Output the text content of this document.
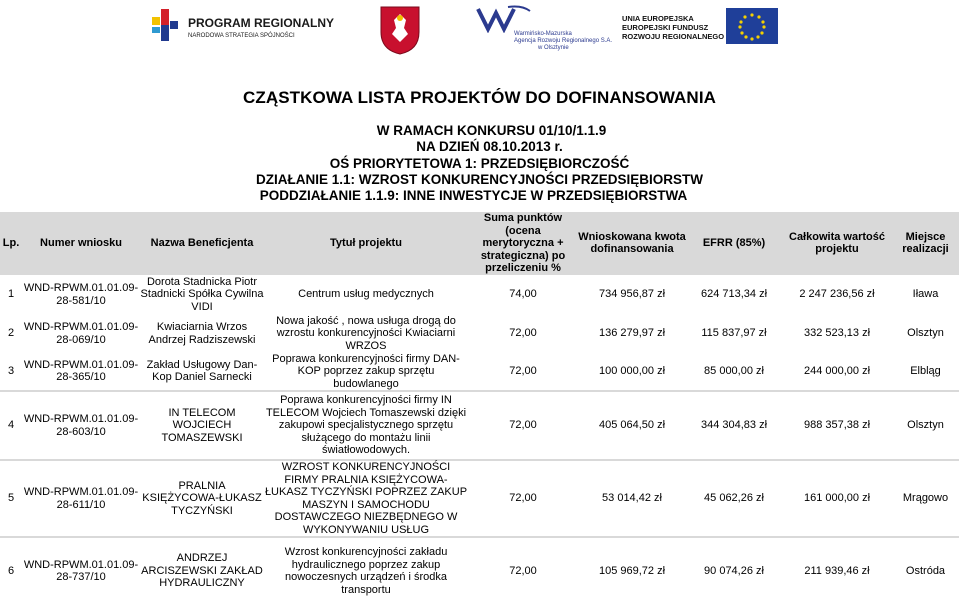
PROGRAM REGIONALNY
NARODOWA STRATEGIA SPÓJNOŚCI	Warmińsko-Mazurska
Agencja Rozwoju Regionalnego S.A.
w Olsztynie
UNIA EUROPEJSKA
EUROPEJSKI FUNDUSZ
ROZWOJU REGIONALNEGO
CZĄSTKOWA LISTA PROJEKTÓW DO DOFINANSOWANIA
W RAMACH KONKURSU 01/10/1.1.9
NA DZIEŃ 08.10.2013 r.
OŚ PRIORYTETOWA 1: PRZEDSIĘBIORCZOŚĆ
DZIAŁANIE 1.1: WZROST KONKURENCYJNOŚCI PRZEDSIĘBIORSTW
PODDZIAŁANIE 1.1.9: INNE INWESTYCJE W PRZEDSIĘBIORSTWA
Lp.	Numer wniosku	Nazwa Beneficjenta	Tytuł projektu	Suma punktów (ocena merytoryczna + strategiczna) po przeliczeniu %	Wnioskowana kwota dofinansowania	EFRR (85%)	Całkowita wartość projektu	Miejsce realizacji
1	WND-RPWM.01.01.09-28-581/10	Dorota Stadnicka Piotr Stadnicki Spółka Cywilna VIDI	Centrum usług medycznych	74,00	734 956,87 zł	624 713,34 zł	2 247 236,56 zł	Iława
2	WND-RPWM.01.01.09-28-069/10	Kwiaciarnia Wrzos Andrzej Radziszewski	Nowa jakość , nowa usługa drogą do wzrostu konkurencyjności Kwiaciarni WRZOS	72,00	136 279,97 zł	115 837,97 zł	332 523,13 zł	Olsztyn
3	WND-RPWM.01.01.09-28-365/10	Zakład Usługowy Dan-Kop Daniel Sarnecki	Poprawa konkurencyjności firmy DAN-KOP poprzez zakup sprzętu budowlanego	72,00	100 000,00 zł	85 000,00 zł	244 000,00 zł	Elbląg

4	WND-RPWM.01.01.09-28-603/10	IN TELECOM WOJCIECH TOMASZEWSKI	Poprawa konkurencyjności firmy IN TELECOM Wojciech Tomaszewski dzięki zakupowi specjalistycznego sprzętu służącego do montażu linii światłowodowych.	72,00	405 064,50 zł	344 304,83 zł	988 357,38 zł	Olsztyn

5	WND-RPWM.01.01.09-28-611/10	PRALNIA KSIĘŻYCOWA-ŁUKASZ TYCZYŃSKI	WZROST KONKURENCYJNOŚCI FIRMY PRALNIA KSIĘŻYCOWA-ŁUKASZ TYCZYŃSKI POPRZEZ ZAKUP MASZYN I SAMOCHODU DOSTAWCZEGO NIEZBĘDNEGO W WYKONYWANIU USŁUG	72,00	53 014,42 zł	45 062,26 zł	161 000,00 zł	Mrągowo

6	WND-RPWM.01.01.09-28-737/10	ANDRZEJ ARCISZEWSKI ZAKŁAD HYDRAULICZNY	Wzrost konkurencyjności zakładu hydraulicznego poprzez zakup nowoczesnych urządzeń i środka transportu	72,00	105 969,72 zł	90 074,26 zł	211 939,46 zł	Ostróda
